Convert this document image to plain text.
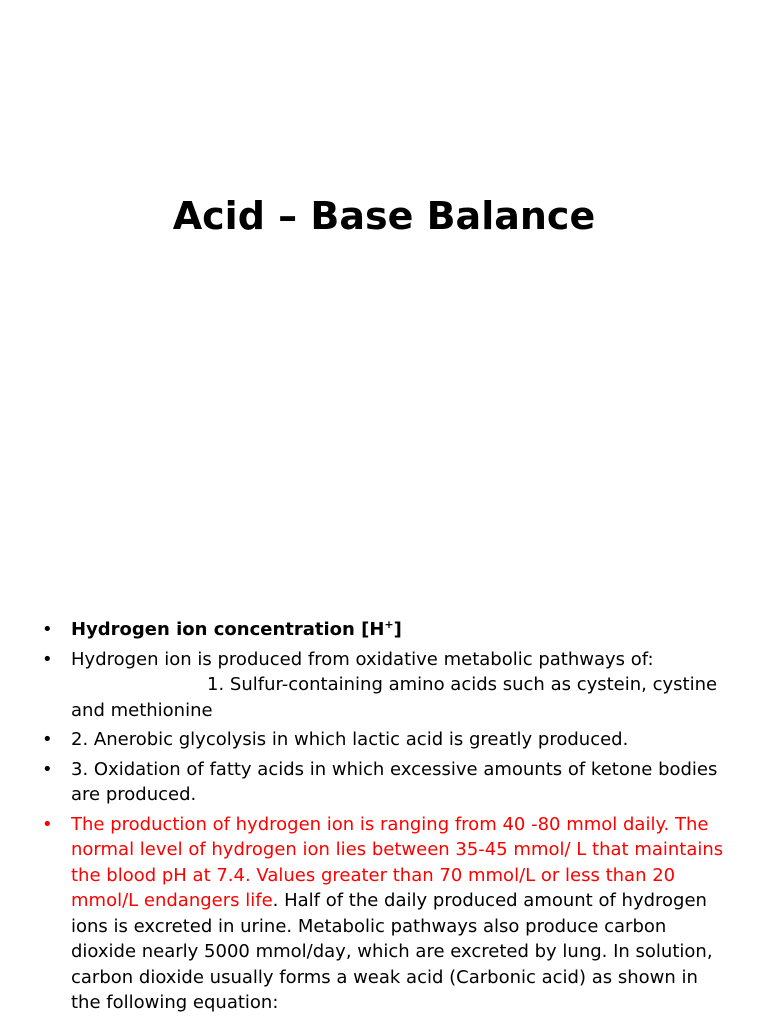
Acid – Base Balance
• Hydrogen ion concentration [H+]
• Hydrogen ion is produced from oxidative metabolic pathways of:
1. Sulfur-containing amino acids such as cystein, cystine
and methionine
• 2. Anerobic glycolysis in which lactic acid is greatly produced.
• 3. Oxidation of fatty acids in which excessive amounts of ketone bodies are produced.
• The production of hydrogen ion is ranging from 40 -80 mmol daily. The normal level of hydrogen ion lies between 35-45 mmol/ L that maintains the blood pH at 7.4. Values greater than 70 mmol/L or less than 20 mmol/L endangers life. Half of the daily produced amount of hydrogen ions is excreted in urine. Metabolic pathways also produce carbon dioxide nearly 5000 mmol/day, which are excreted by lung. In solution, carbon dioxide usually forms a weak acid (Carbonic acid) as shown in the following equation:
